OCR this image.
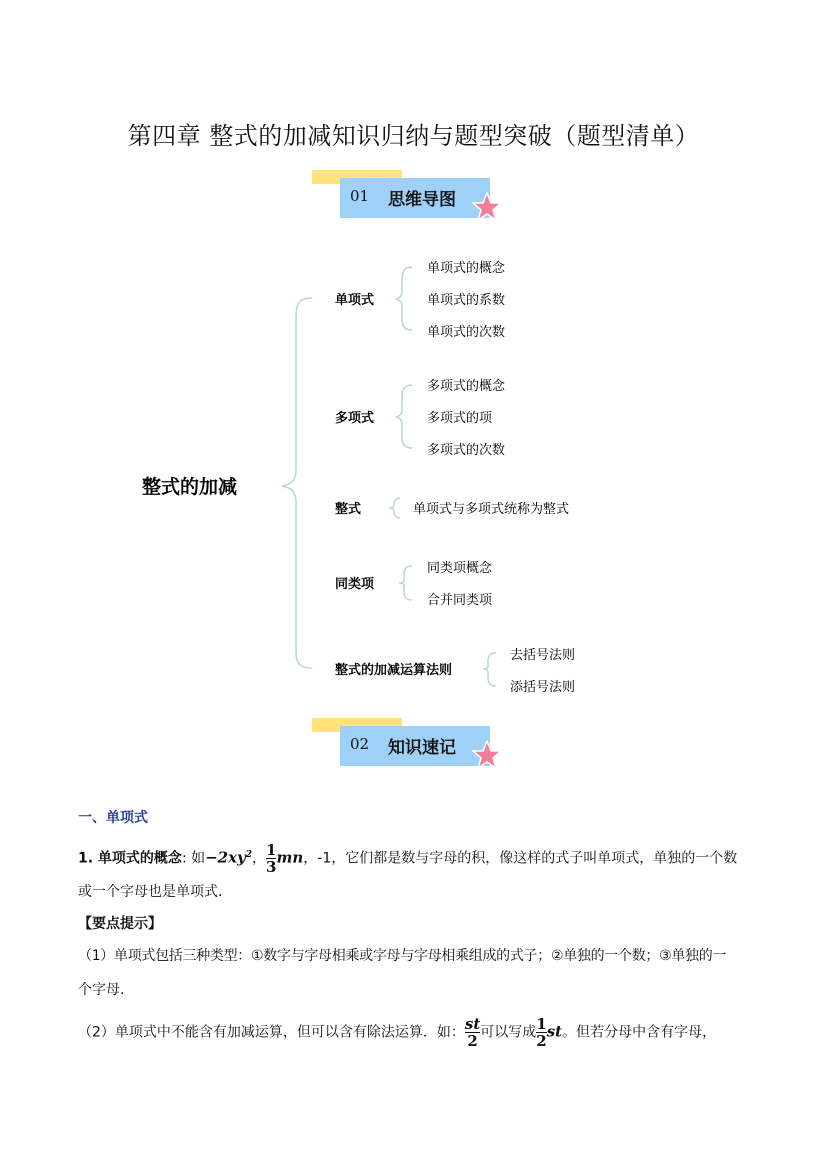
第四章 整式的加减知识归纳与题型突破（题型清单）
01 思维导图
整式的加减
单项式
单项式的概念
单项式的系数
单项式的次数
多项式
多项式的概念
多项式的项
多项式的次数
整式	单项式与多项式统称为整式
同类项
同类项概念
合并同类项
整式的加减运算法则
去括号法则
添括号法则
02 知识速记
一、单项式
1. 单项式的概念: 如$-2xy^2$， $\frac{1}{3}$ mn，-1，它们都是数与字母的积，像这样的式子叫单项式，单独的一个数
或一个字母也是单项式．
【要点提示】
（1）单项式包括三种类型：①数字与字母相乘或字母与字母相乘组成的式子；②单独的一个数；③单独的一
个字母．
（2）单项式中不能含有加减运算，但可以含有除法运算．如： $\frac{st}{2}$ 可以写成 $\frac{1}{2}$ st。但若分母中含有字母，
